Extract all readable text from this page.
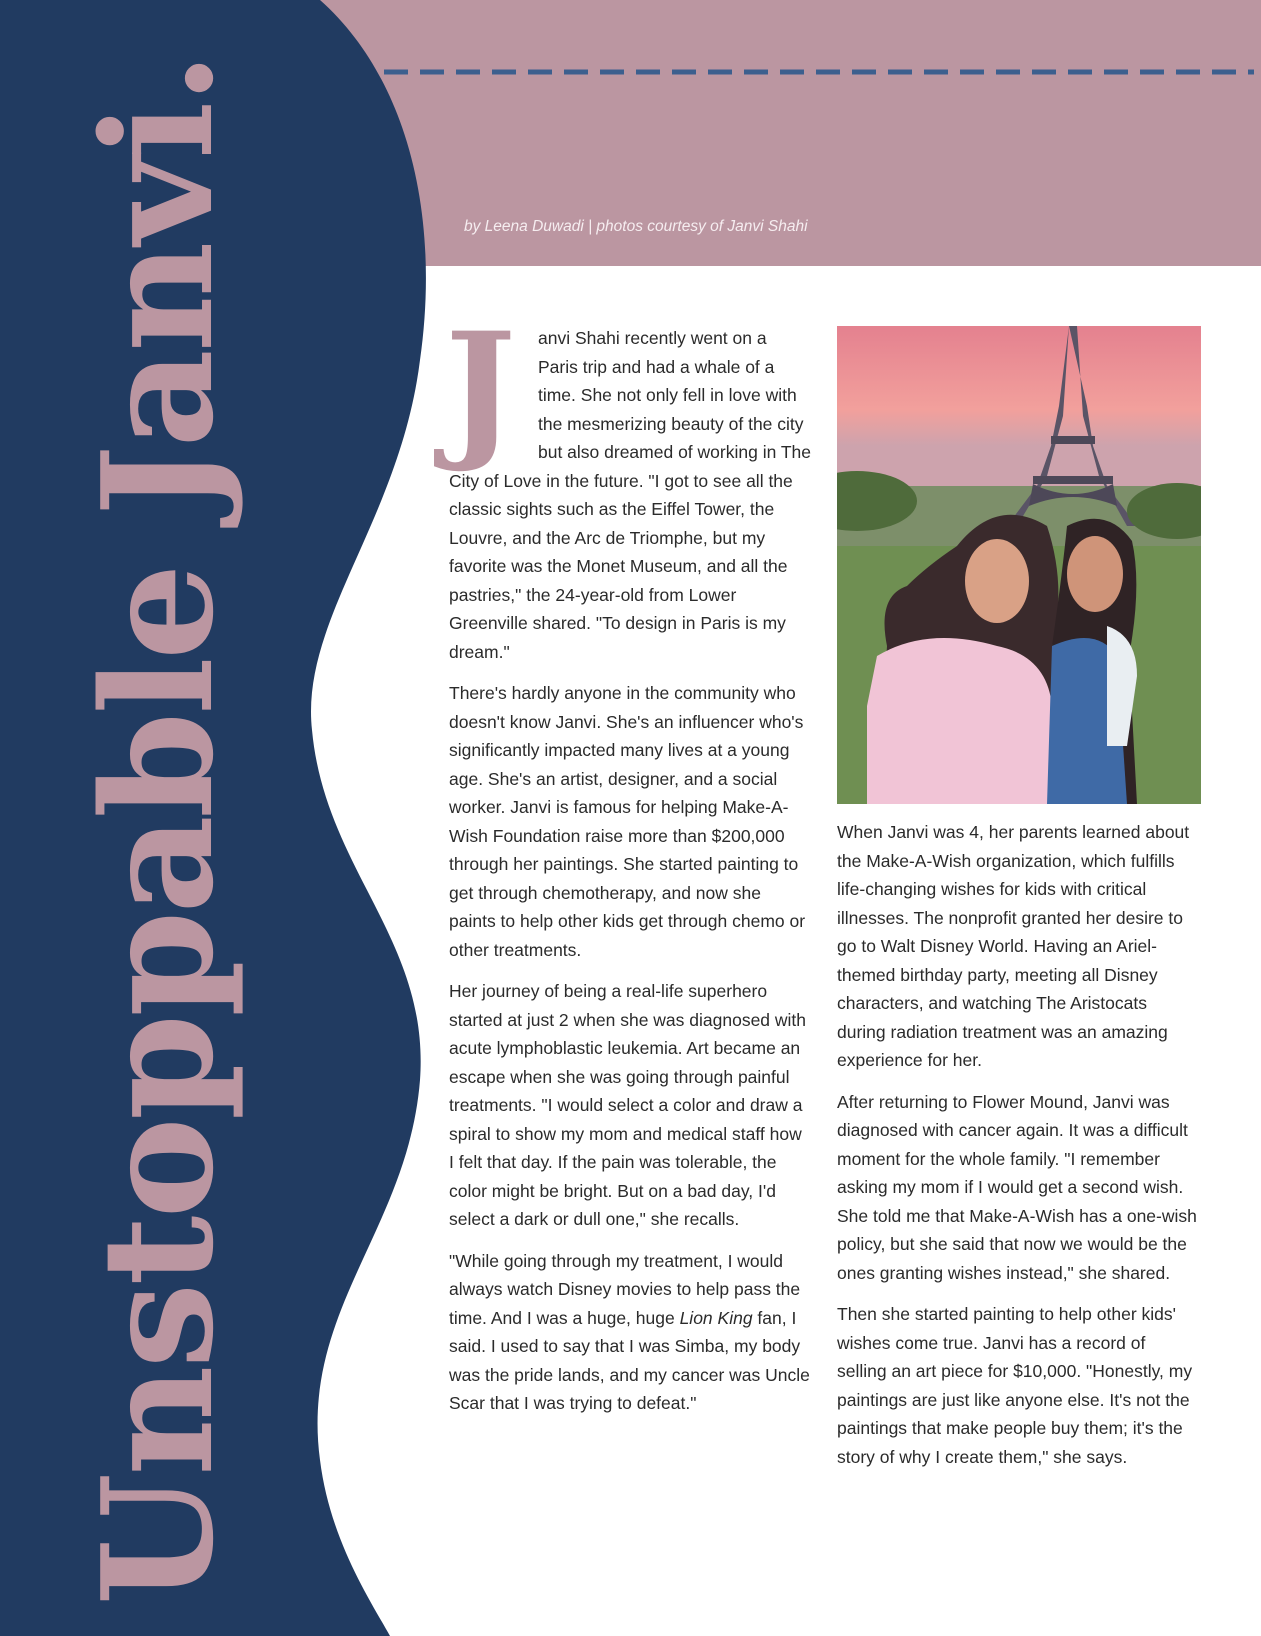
by Leena Duwadi | photos courtesy of Janvi Shahi
Unstoppable Janvi. J anvi Shahi recently went on a Paris trip and had a whale of a time. She not only fell in love with the mesmerizing beauty of the city but also dreamed of working in The City of Love in the future. "I got to see all the classic sights such as the Eiffel Tower, the Louvre, and the Arc de Triomphe, but my favorite was the Monet Museum, and all the pastries," the 24-year-old from Lower Greenville shared. "To design in Paris is my dream."

There's hardly anyone in the community who doesn't know Janvi. She's an influencer who's significantly impacted many lives at a young age. She's an artist, designer, and a social worker. Janvi is famous for helping Make-A-Wish Foundation raise more than $200,000 through her paintings. She started painting to get through chemotherapy, and now she paints to help other kids get through chemo or other treatments.

Her journey of being a real-life superhero started at just 2 when she was diagnosed with acute lymphoblastic leukemia. Art became an escape when she was going through painful treatments. "I would select a color and draw a spiral to show my mom and medical staff how I felt that day. If the pain was tolerable, the color might be bright. But on a bad day, I'd select a dark or dull one," she recalls.

"While going through my treatment, I would always watch Disney movies to help pass the time. And I was a huge, huge Lion King fan, I said. I used to say that I was Simba, my body was the pride lands, and my cancer was Uncle Scar that I was trying to defeat."

When Janvi was 4, her parents learned about the Make-A-Wish organization, which fulfills life-changing wishes for kids with critical illnesses. The nonprofit granted her desire to go to Walt Disney World. Having an Ariel-themed birthday party, meeting all Disney characters, and watching The Aristocats during radiation treatment was an amazing experience for her.

After returning to Flower Mound, Janvi was diagnosed with cancer again. It was a difficult moment for the whole family. "I remember asking my mom if I would get a second wish. She told me that Make-A-Wish has a one-wish policy, but she said that now we would be the ones granting wishes instead," she shared.

Then she started painting to help other kids' wishes come true. Janvi has a record of selling an art piece for $10,000. "Honestly, my paintings are just like anyone else. It's not the paintings that make people buy them; it's the story of why I create them," she says.
